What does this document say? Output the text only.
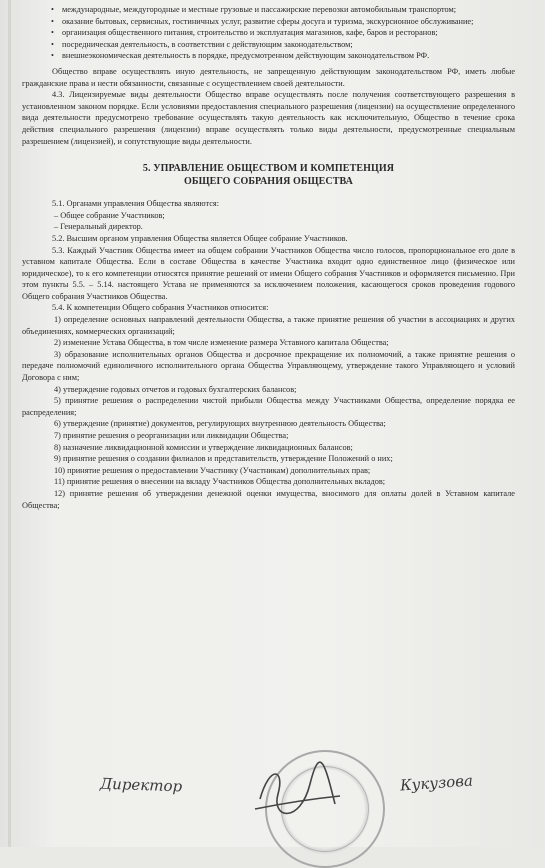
• международные, междугородные и местные грузовые и пассажирские перевозки автомобильным транспортом;

• оказание бытовых, сервисных, гостиничных услуг, развитие сферы досуга и туризма, экскурсионное обслуживание;

• организация общественного питания, строительство и эксплуатация магазинов, кафе, баров и ресторанов;

• посредническая деятельность, в соответствии с действующим законодательством;

• внешнеэкономическая деятельность в порядке, предусмотренном действующим законодательством РФ.

Общество вправе осуществлять иную деятельность, не запрещенную действующим законодательством РФ, иметь любые гражданские права и нести обязанности, связанные с осуществлением своей деятельности.

4.3. Лицензируемые виды деятельности Общество вправе осуществлять после получения соответствующего разрешения в установленном законом порядке. Если условиями предоставления специального разрешения (лицензии) на осуществление определенного вида деятельности предусмотрено требование осуществлять такую деятельность как исключительную, Общество в течение срока действия специального разрешения (лицензии) вправе осуществлять только виды деятельности, предусмотренные специальным разрешением (лицензией), и сопутствующие виды деятельности.

5. УПРАВЛЕНИЕ ОБЩЕСТВОМ И КОМПЕТЕНЦИЯ
ОБЩЕГО СОБРАНИЯ ОБЩЕСТВА

5.1. Органами управления Общества являются:

– Общее собрание Участников;

– Генеральный директор.

5.2. Высшим органом управления Общества является Общее собрание Участников.

5.3. Каждый Участник Общества имеет на общем собрании Участников Общества число голосов, пропорциональное его доле в уставном капитале Общества. Если в составе Общества в качестве Участника входит одно единственное лицо (физическое или юридическое), то к его компетенции относятся принятие решений от имени Общего собрания Участников и оформляется письменно. При этом пункты 5.5. – 5.14. настоящего Устава не применяются за исключением положения, касающегося сроков проведения годового Общего собрания Участников Общества.

5.4. К компетенции Общего собрания Участников относится:

1) определение основных направлений деятельности Общества, а также принятие решения об участии в ассоциациях и других объединениях, коммерческих организаций;

2) изменение Устава Общества, в том числе изменение размера Уставного капитала Общества;

3) образование исполнительных органов Общества и досрочное прекращение их полномочий, а также принятие решения о передаче полномочий единоличного исполнительного органа Общества Управляющему, утверждение такого Управляющего и условий Договора с ним;

4) утверждение годовых отчетов и годовых бухгалтерских балансов;

5) принятие решения о распределении чистой прибыли Общества между Участниками Общества, определение порядка ее распределения;

6) утверждение (принятие) документов, регулирующих внутреннюю деятельность Общества;

7) принятие решения о реорганизации или ликвидации Общества;

8) назначение ликвидационной комиссии и утверждение ликвидационных балансов;

9) принятие решения о создании филиалов и представительств, утверждение Положений о них;

10) принятие решения о предоставлении Участнику (Участникам) дополнительных прав;

11) принятие решения о внесении на вкладу Участников Общества дополнительных вкладов;

12) принятие решения об утверждении денежной оценки имущества, вносимого для оплаты долей в Уставном капитале Общества;

Директор	Кукузова
